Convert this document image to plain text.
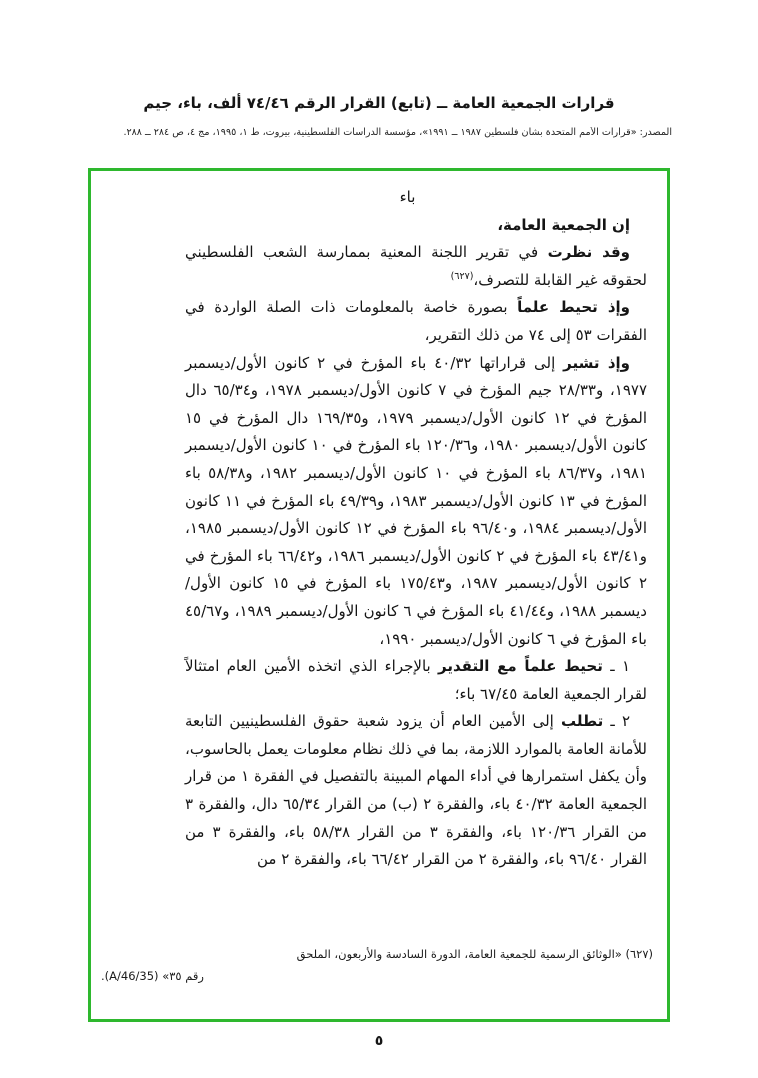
قرارات الجمعية العامة ــ (تابع) القرار الرقم ٧٤/٤٦ ألف، باء، جيم
المصدر: «قرارات الأمم المتحدة بشأن فلسطين ١٩٨٧ ــ ١٩٩١»، مؤسسة الدراسات الفلسطينية، بيروت، ط ١، ١٩٩٥، مج ٤، ص ٢٨٤ ــ ٢٨٨.

باء

إن الجمعية العامة،

وقد نظرت في تقرير اللجنة المعنية بممارسة الشعب الفلسطيني لحقوقه غير القابلة للتصرف،$^{(٦٢٧)}$

وإذ تحيط علماً بصورة خاصة بالمعلومات ذات الصلة الواردة في الفقرات ٥٣ إلى ٧٤ من ذلك التقرير،

وإذ تشير إلى قراراتها ٤٠/٣٢ باء المؤرخ في ٢ كانون الأول/ديسمبر ١٩٧٧، و٢٨/٣٣ جيم المؤرخ في ٧ كانون الأول/ديسمبر ١٩٧٨، و٦٥/٣٤ دال المؤرخ في ١٢ كانون الأول/ديسمبر ١٩٧٩، و١٦٩/٣٥ دال المؤرخ في ١٥ كانون الأول/ديسمبر ١٩٨٠، و١٢٠/٣٦ باء المؤرخ في ١٠ كانون الأول/ديسمبر ١٩٨١، و٨٦/٣٧ باء المؤرخ في ١٠ كانون الأول/ديسمبر ١٩٨٢، و٥٨/٣٨ باء المؤرخ في ١٣ كانون الأول/ديسمبر ١٩٨٣، و٤٩/٣٩ باء المؤرخ في ١١ كانون الأول/ديسمبر ١٩٨٤، و٩٦/٤٠ باء المؤرخ في ١٢ كانون الأول/ديسمبر ١٩٨٥، و٤٣/٤١ باء المؤرخ في ٢ كانون الأول/ديسمبر ١٩٨٦، و٦٦/٤٢ باء المؤرخ في ٢ كانون الأول/ديسمبر ١٩٨٧، و١٧٥/٤٣ باء المؤرخ في ١٥ كانون الأول/ديسمبر ١٩٨٨، و٤١/٤٤ باء المؤرخ في ٦ كانون الأول/ديسمبر ١٩٨٩، و٤٥/٦٧ باء المؤرخ في ٦ كانون الأول/ديسمبر ١٩٩٠،

١ ـ تحيط علماً مع التقدير بالإجراء الذي اتخذه الأمين العام امتثالاً لقرار الجمعية العامة ٦٧/٤٥ باء؛

٢ ـ تطلب إلى الأمين العام أن يزود شعبة حقوق الفلسطينيين التابعة للأمانة العامة بالموارد اللازمة، بما في ذلك نظام معلومات يعمل بالحاسوب، وأن يكفل استمرارها في أداء المهام المبينة بالتفصيل في الفقرة ١ من قرار الجمعية العامة ٤٠/٣٢ باء، والفقرة ٢ (ب) من القرار ٦٥/٣٤ دال، والفقرة ٣ من القرار ١٢٠/٣٦ باء، والفقرة ٣ من القرار ٥٨/٣٨ باء، والفقرة ٣ من القرار ٩٦/٤٠ باء، والفقرة ٢ من القرار ٦٦/٤٢ باء، والفقرة ٢ من

(٦٢٧) «الوثائق الرسمية للجمعية العامة، الدورة السادسة والأربعون، الملحق
رقم ٣٥» (A/46/35).
٥
